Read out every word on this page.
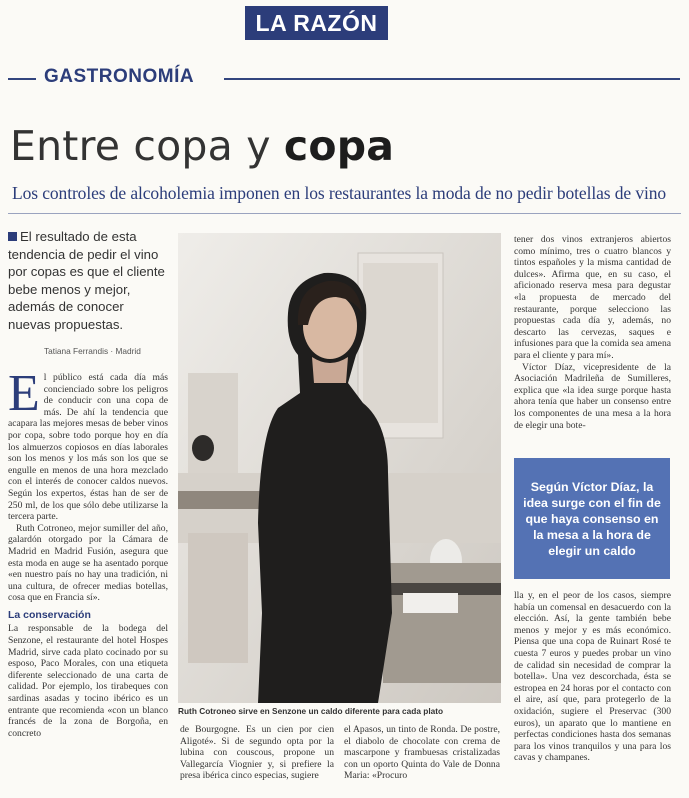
LA RAZÓN
GASTRONOMÍA
Entre copa y copa
Los controles de alcoholemia imponen en los restaurantes la moda de no pedir botellas de vino
El resultado de esta tendencia de pedir el vino por copas es que el cliente bebe menos y mejor, además de conocer nuevas propuestas.
Tatiana Ferrandis · Madrid
E l público está cada día más concienciado sobre los peligros de conducir con una copa de más. De ahí la tendencia que acapara las mejores mesas de beber vinos por copa, sobre todo porque hoy en día los almuerzos copiosos en días laborales son los menos y los más son los que se engulle en menos de una hora mezclado con el interés de conocer caldos nuevos. Según los expertos, éstas han de ser de 250 ml, de los que sólo debe utilizarse la tercera parte.

Ruth Cotroneo, mejor sumiller del año, galardón otorgado por la Cámara de Madrid en Madrid Fusión, asegura que esta moda en auge se ha asentado porque «en nuestro país no hay una tradición, ni una cultura, de ofrecer medias botellas, cosa que en Francia sí».

La conservación

La responsable de la bodega del Senzone, el restaurante del hotel Hospes Madrid, sirve cada plato cocinado por su esposo, Paco Morales, con una etiqueta diferente seleccionado de una carta de calidad. Por ejemplo, los tirabeques con sardinas asadas y tocino ibérico es un entrante que recomienda «con un blanco francés de la zona de Borgoña, en concreto

Ruth Cotroneo sirve en Senzone un caldo diferente para cada plato

de Bourgogne. Es un cien por cien Aligoté». Si de segundo opta por la lubina con couscous, propone un Vallegarcía Viognier y, si prefiere la presa ibérica cinco especias, sugiere

el Apasos, un tinto de Ronda. De postre, el diabolo de chocolate con crema de mascarpone y frambuesas cristalizadas con un oporto Quinta do Vale de Donna Maria: «Procuro

tener dos vinos extranjeros abiertos como mínimo, tres o cuatro blancos y tintos españoles y la misma cantidad de dulces». Afirma que, en su caso, el aficionado reserva mesa para degustar «la propuesta de mercado del restaurante, porque selecciono las propuestas cada día y, además, no descarto las cervezas, saques e infusiones para que la comida sea amena para el cliente y para mí».

Víctor Díaz, vicepresidente de la Asociación Madrileña de Sumilleres, explica que «la idea surge porque hasta ahora tenía que haber un consenso entre los componentes de una mesa a la hora de elegir una bote-

Según Víctor Díaz, la idea surge con el fin de que haya consenso en la mesa a la hora de elegir un caldo

lla y, en el peor de los casos, siempre había un comensal en desacuerdo con la elección. Así, la gente también bebe menos y mejor y es más económico. Piensa que una copa de Ruinart Rosé te cuesta 7 euros y puedes probar un vino de calidad sin necesidad de comprar la botella». Una vez descorchada, ésta se estropea en 24 horas por el contacto con el aire, así que, para protegerlo de la oxidación, sugiere el Preservac (300 euros), un aparato que lo mantiene en perfectas condiciones hasta dos semanas para los vinos tranquilos y una para los cavas y champanes.
